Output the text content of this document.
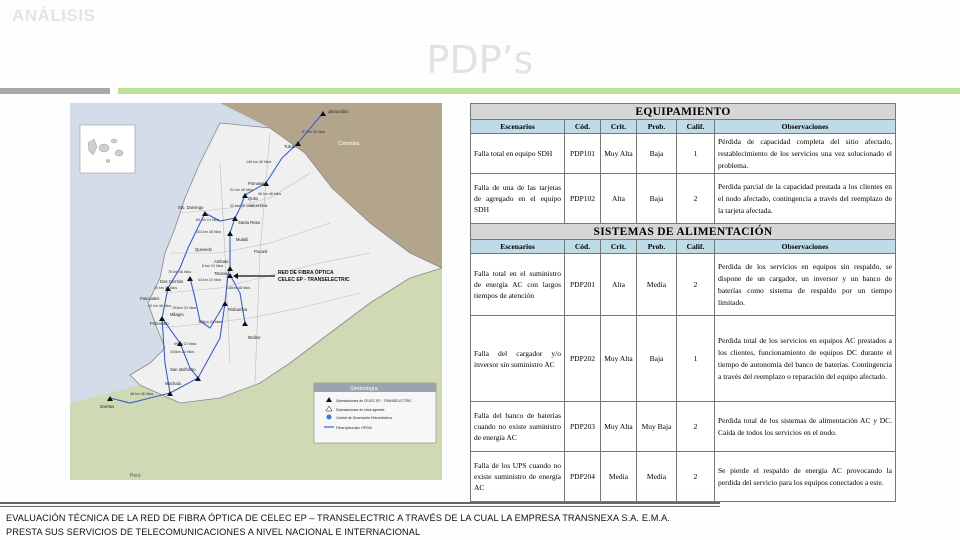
ANÁLISIS
PDP’s
Jamondino
Tulcán
Pomasqui
Quito
Vicentina
Sto. Domingo
Santa Rosa
Mulaló
Pucará
Quevedo
Ambato
Totoras
Riobamba
Dos Cerritos
Pascuales
Milagro
Policentro
Molino
San Idelfonso
Machala
Zorritos
87 km 48 hilos
146 km 48 hilos
21 km 48 hilos
46 km 48 hilos
32 km 48 hilos
84 km 24 hilos
104 km 48 hilos
8 km 24 hilos
44 km 24 hilos
76 km 48 hilos
10 km 48 hilos
40 km 48 hilos
148km 48 hilos
128km 24 hilos
194km 24 hilos
59km 24 hilos
104km 24 hilos
48 km 48 hilos
Colombia
Perú
RED DE FIBRA ÓPTICA
CELEC EP - TRANSELECTRIC
Simbología
Subestaciones de CELEC EP - TRANSELECTRIC
Subestaciones de otros agentes
Central de Generación Hidroeléctrica
Fibra óptica tipo OPGW
EQUIPAMIENTO					
Escenarios	Cód.	Crit.	Prob.	Calif.	Observaciones
Falla total en equipo SDH	PDP101	Muy Alta	Baja	1	Pérdida de capacidad completa del sitio afectado, restablecimiento de los servicios una vez solucionado el problema.
Falla de una de las tarjetas de agregado en el equipo SDH	PDP102	Alta	Baja	2	Perdida parcial de la capacidad prestada a los clientes en el nodo afectado, contingencia a través del reemplazo de la tarjeta afectada.
SISTEMAS DE ALIMENTACIÓN					
Escenarios	Cód.	Crit.	Prob.	Calif.	Observaciones
Falla total en el suministro de energía AC con largos tiempos de atención	PDP201	Alta	Media	2	Perdida de los servicios en equipos sin respaldo, se dispone de un cargador, un inversor y un banco de baterías como sistema de respaldo por un tiempo limitado.
Falla del cargador y/o inversor sin suministro AC	PDP202	Muy Alta	Baja	1	Perdida total de los servicios en equipos AC prestados a los clientes, funcionamiento de equipos DC durante el tiempo de autonomía del banco de baterías. Contingencia a través del reemplazo o reparación del equipo afectado.
Falla del banco de baterías cuando no existe suministro de energía AC	PDP203	Muy Alta	Muy Baja	2	Perdida total de los sistemas de alimentación AC y DC. Caída de todos los servicios en el nodo.
Falla de los UPS cuando no existe suministro de energía AC	PDP204	Media	Media	2	Se pierde el respaldo de energía AC provocando la perdida del servicio para los equipos conectados a este.
EVALUACIÓN TÉCNICA DE LA RED DE FIBRA ÓPTICA DE CELEC EP – TRANSELECTRIC A TRAVÉS DE LA CUAL LA EMPRESA TRANSNEXA S.A. E.M.A.
PRESTA SUS SERVICIOS DE TELECOMUNICACIONES A NIVEL NACIONAL E INTERNACIONAL
